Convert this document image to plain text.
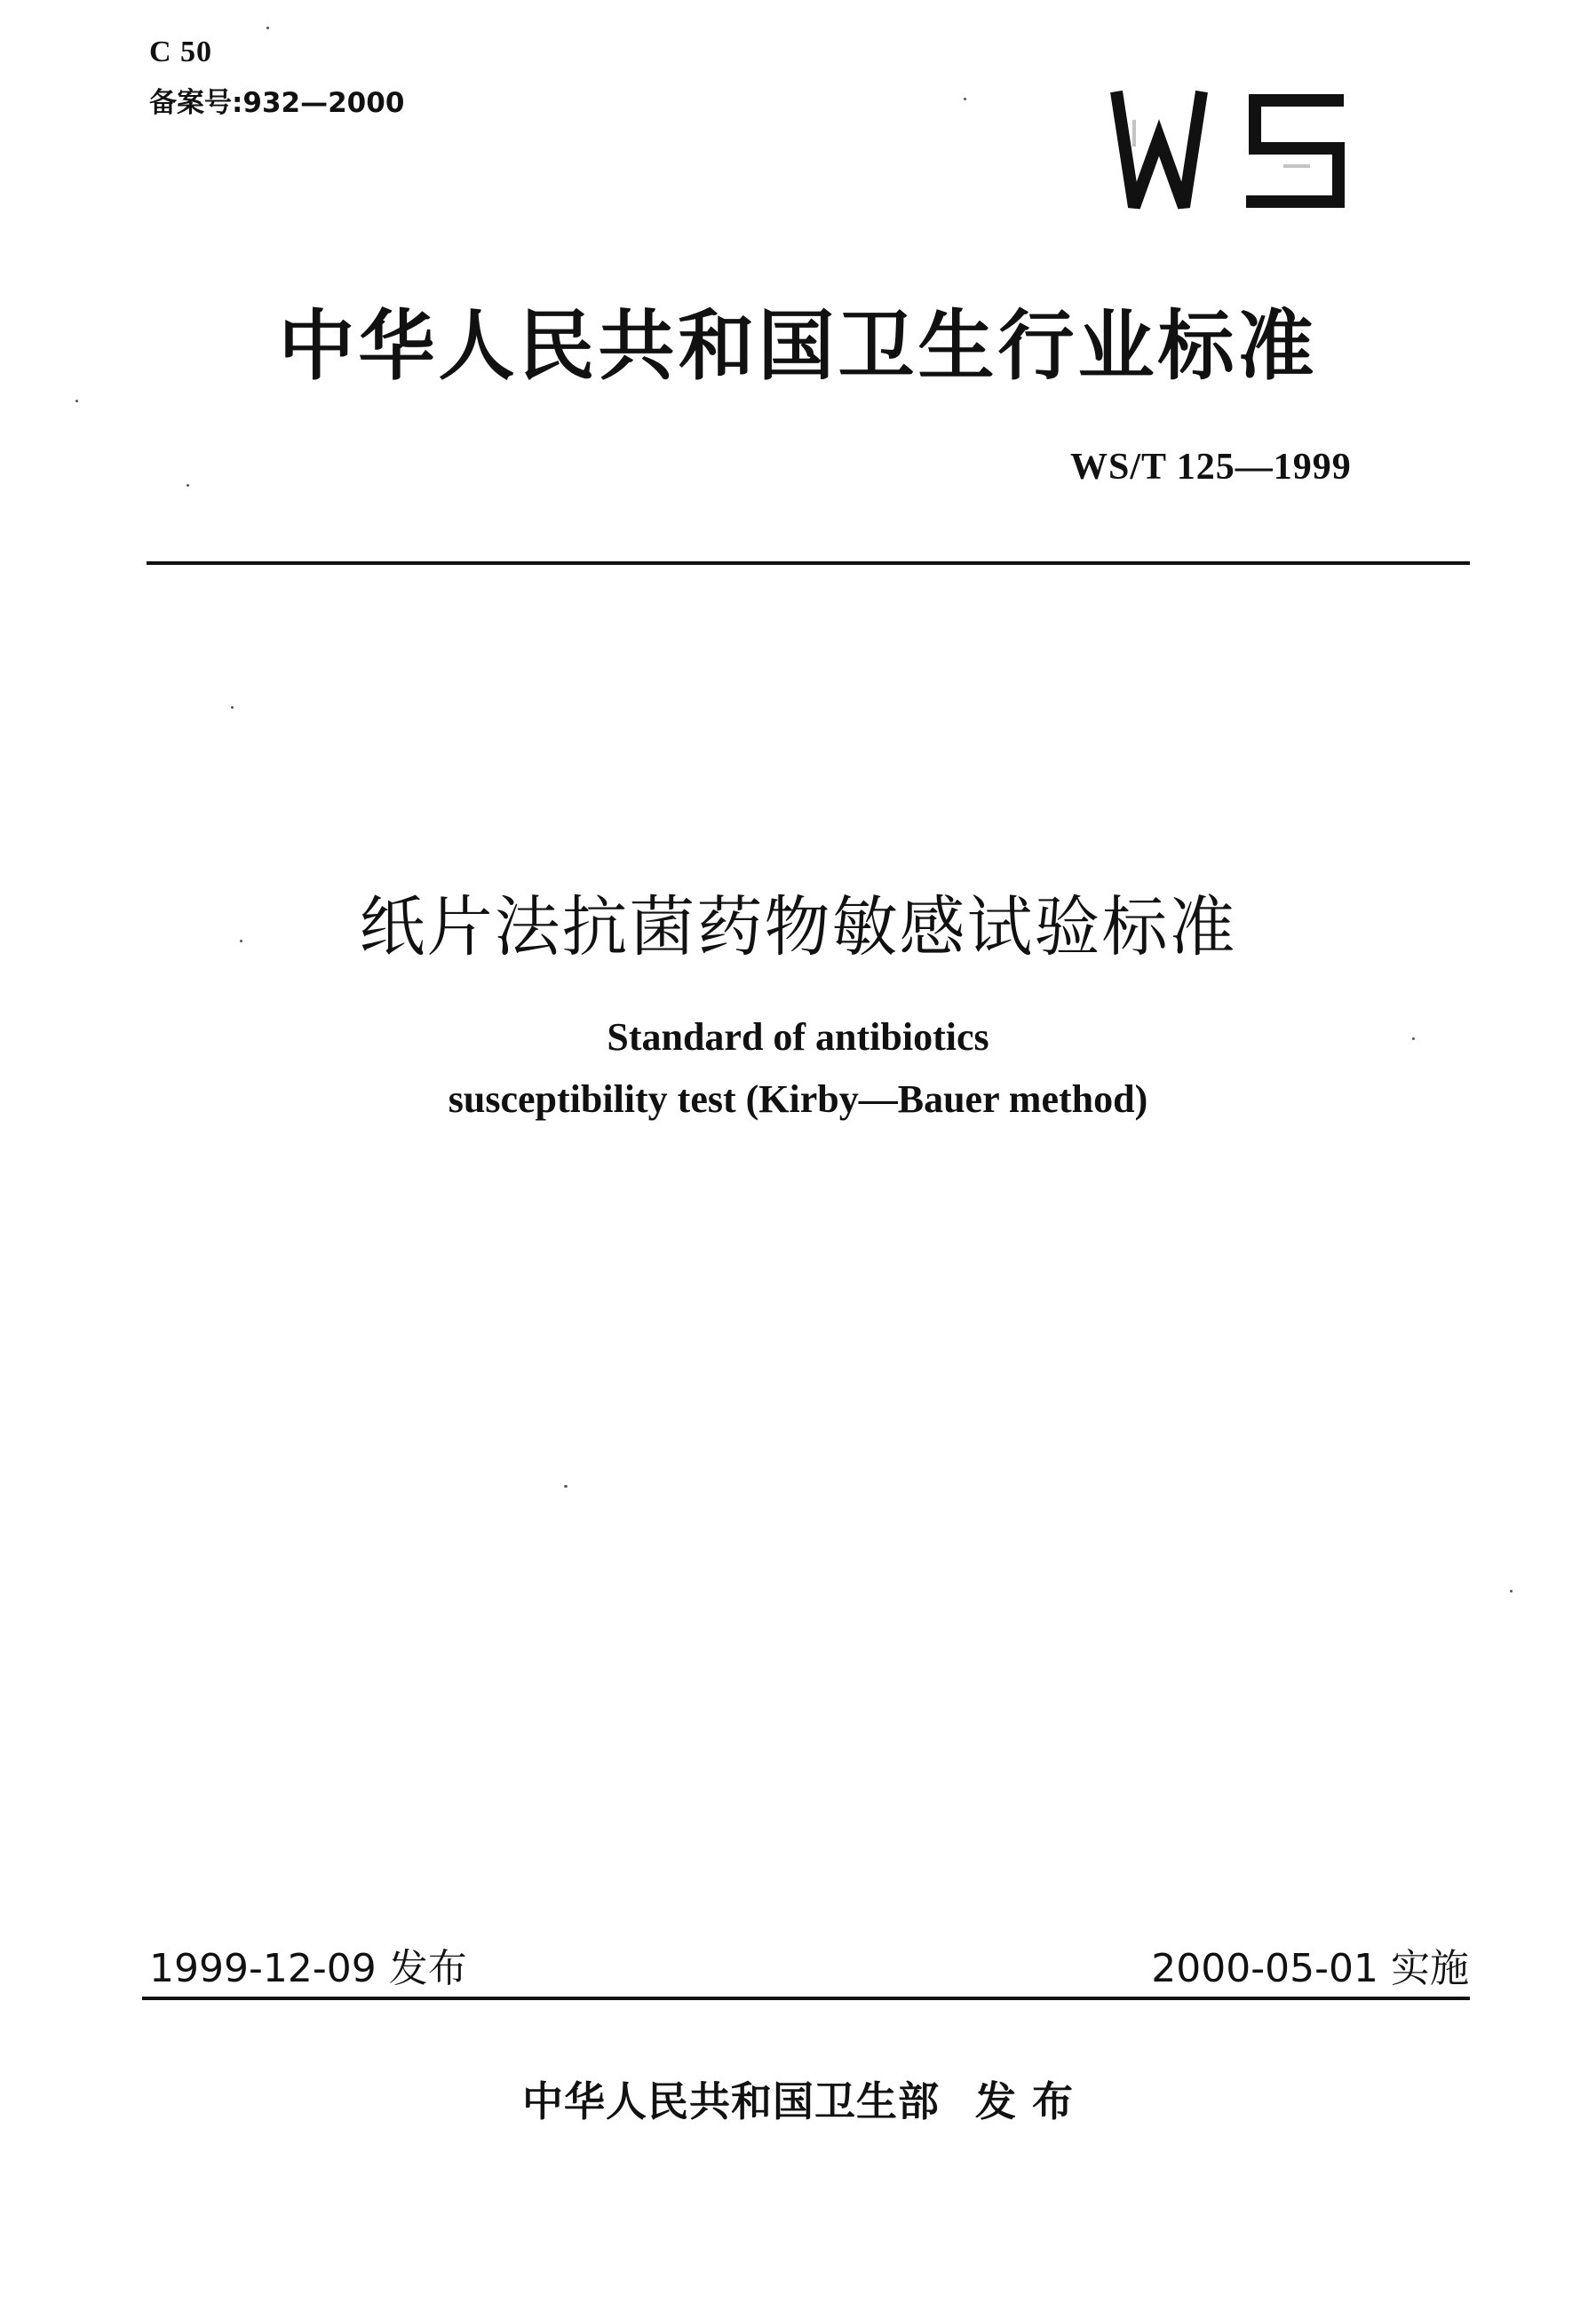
C 50
备案号:932—2000
中华人民共和国卫生行业标准
WS/T 125—1999
纸片法抗菌药物敏感试验标准
Standard of antibiotics
susceptibility test (Kirby—Bauer method)
1999-12-09 发布	2000-05-01 实施
中华人民共和国卫生部 发 布
